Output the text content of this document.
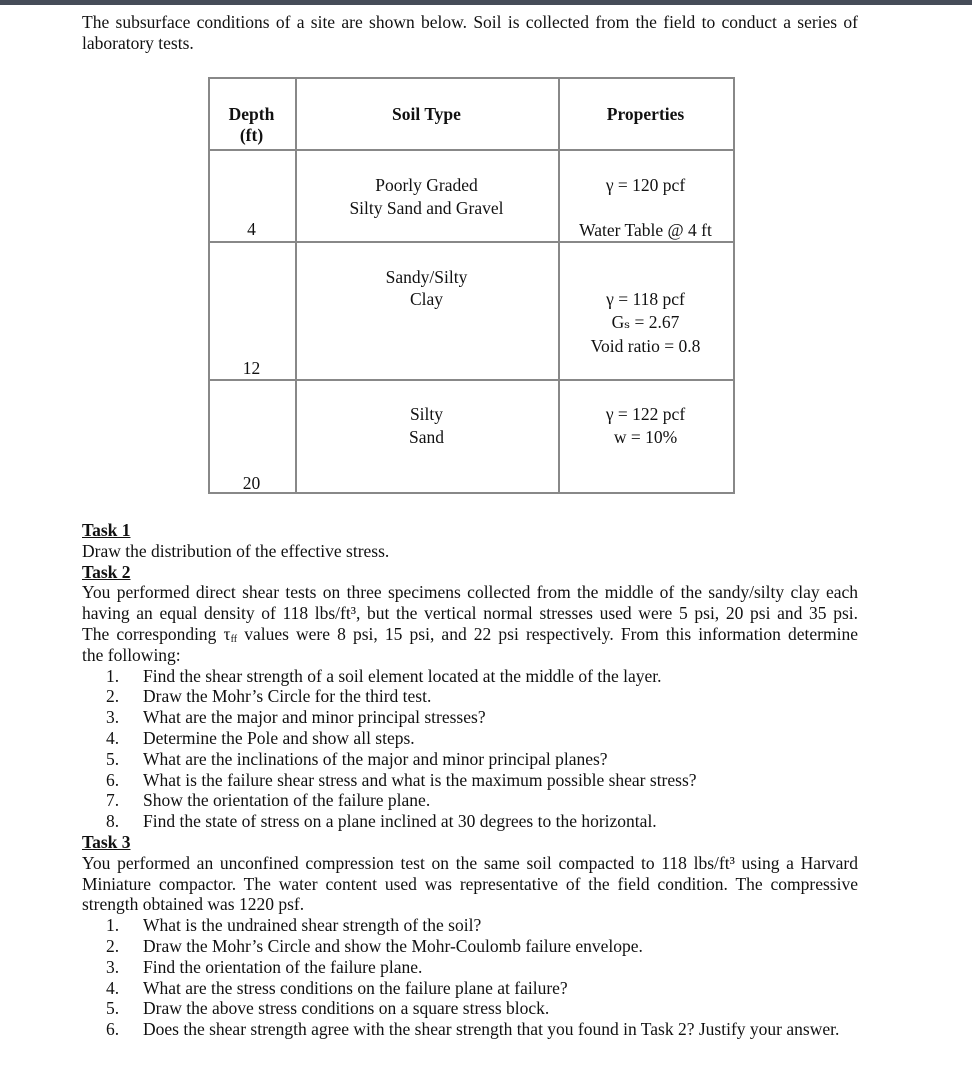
The subsurface conditions of a site are shown below. Soil is collected from the field to conduct a series of
laboratory tests.
Depth
(ft)
Soil Type	Properties
4
Poorly Graded
Silty Sand and Gravel
γ = 120 pcf
Water Table @ 4 ft
12
Sandy/Silty
Clay	γ = 118 pcf
Gₛ = 2.67
Void ratio = 0.8
20
Silty
Sand
γ = 122 pcf
w = 10%
Task 1
Draw the distribution of the effective stress.
Task 2
You performed direct shear tests on three specimens collected from the middle of the sandy/silty clay each
having an equal density of 118 lbs/ft³, but the vertical normal stresses used were 5 psi, 20 psi and 35 psi.
The corresponding $\tau_{ff}$ values were 8 psi, 15 psi, and 22 psi respectively. From this information determine
the following:
1. Find the shear strength of a soil element located at the middle of the layer.
2. Draw the Mohr’s Circle for the third test.
3. What are the major and minor principal stresses?
4. Determine the Pole and show all steps.
5. What are the inclinations of the major and minor principal planes?
6. What is the failure shear stress and what is the maximum possible shear stress?
7. Show the orientation of the failure plane.
8. Find the state of stress on a plane inclined at 30 degrees to the horizontal.
Task 3
You performed an unconfined compression test on the same soil compacted to 118 lbs/ft³ using a Harvard
Miniature compactor. The water content used was representative of the field condition. The compressive
strength obtained was 1220 psf.
1. What is the undrained shear strength of the soil?
2. Draw the Mohr’s Circle and show the Mohr-Coulomb failure envelope.
3. Find the orientation of the failure plane.
4. What are the stress conditions on the failure plane at failure?
5. Draw the above stress conditions on a square stress block.
6. Does the shear strength agree with the shear strength that you found in Task 2? Justify your answer.
